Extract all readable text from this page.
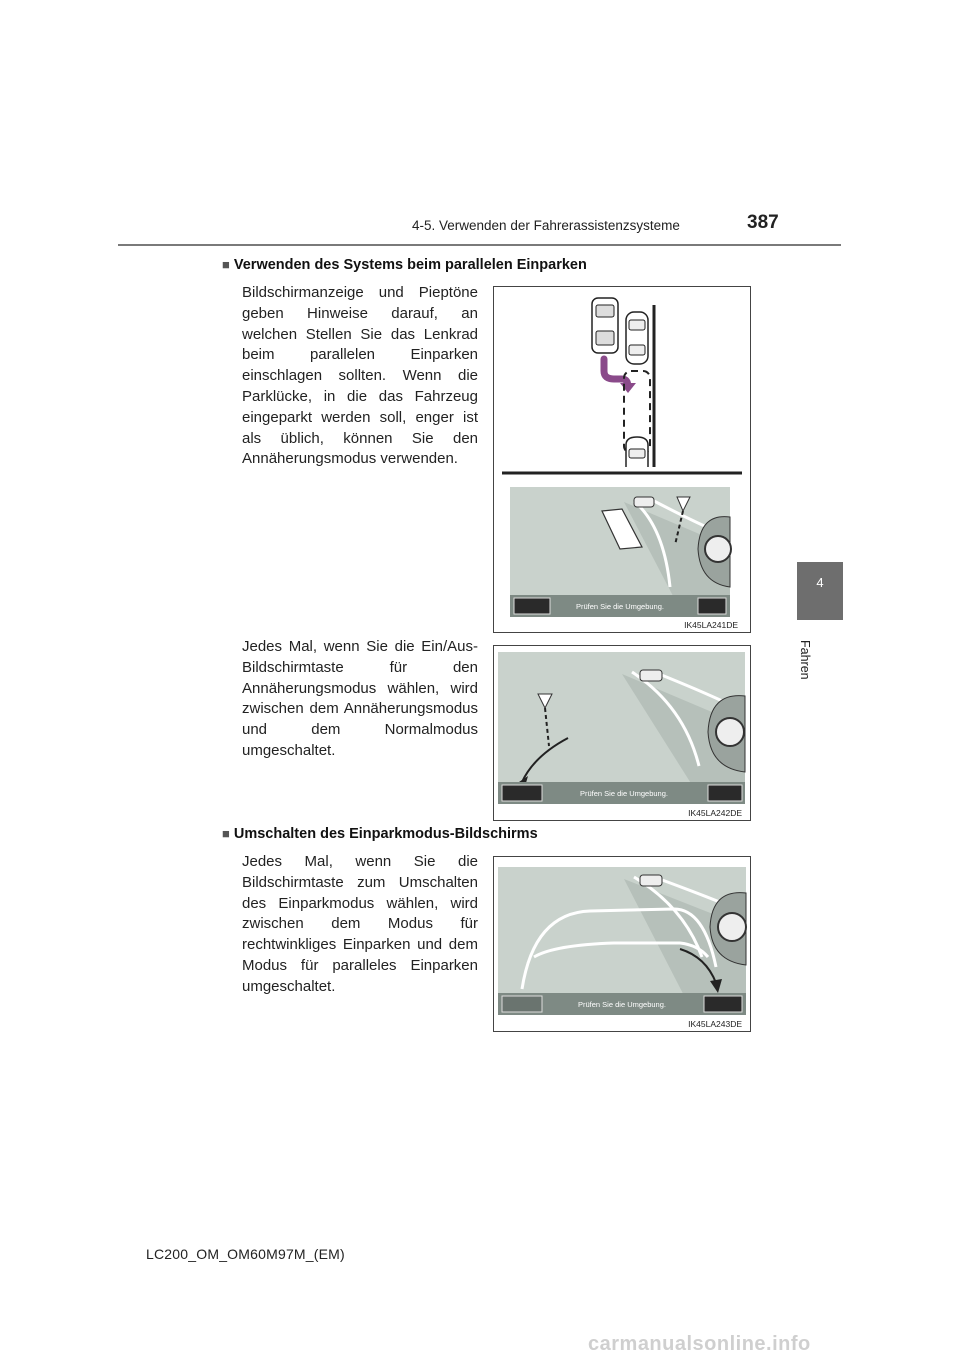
4-5. Verwenden der Fahrerassistenzsysteme	387
4
Fahren
■ Verwenden des Systems beim parallelen Einparken
Bildschirmanzeige und Pieptöne geben Hinweise darauf, an welchen Stellen Sie das Lenkrad beim parallelen Einparken einschlagen sollten. Wenn die Parklücke, in die das Fahrzeug eingeparkt werden soll, enger ist als üblich, können Sie den Annäherungsmodus verwenden.
Jedes Mal, wenn Sie die Ein/Aus-Bildschirmtaste für den Annäherungsmodus wählen, wird zwischen dem Annäherungsmodus und dem Normalmodus umgeschaltet.
■ Umschalten des Einparkmodus-Bildschirms
Jedes Mal, wenn Sie die Bildschirmtaste zum Umschalten des Einparkmodus wählen, wird zwischen dem Modus für rechtwinkliges Einparken und dem Modus für paralleles Einparken umgeschaltet.
Prüfen Sie die Umgebung.
IK45LA241DE
Prüfen Sie die Umgebung.
IK45LA242DE
Prüfen Sie die Umgebung.
IK45LA243DE
LC200_OM_OM60M97M_(EM)
carmanualsonline.info
